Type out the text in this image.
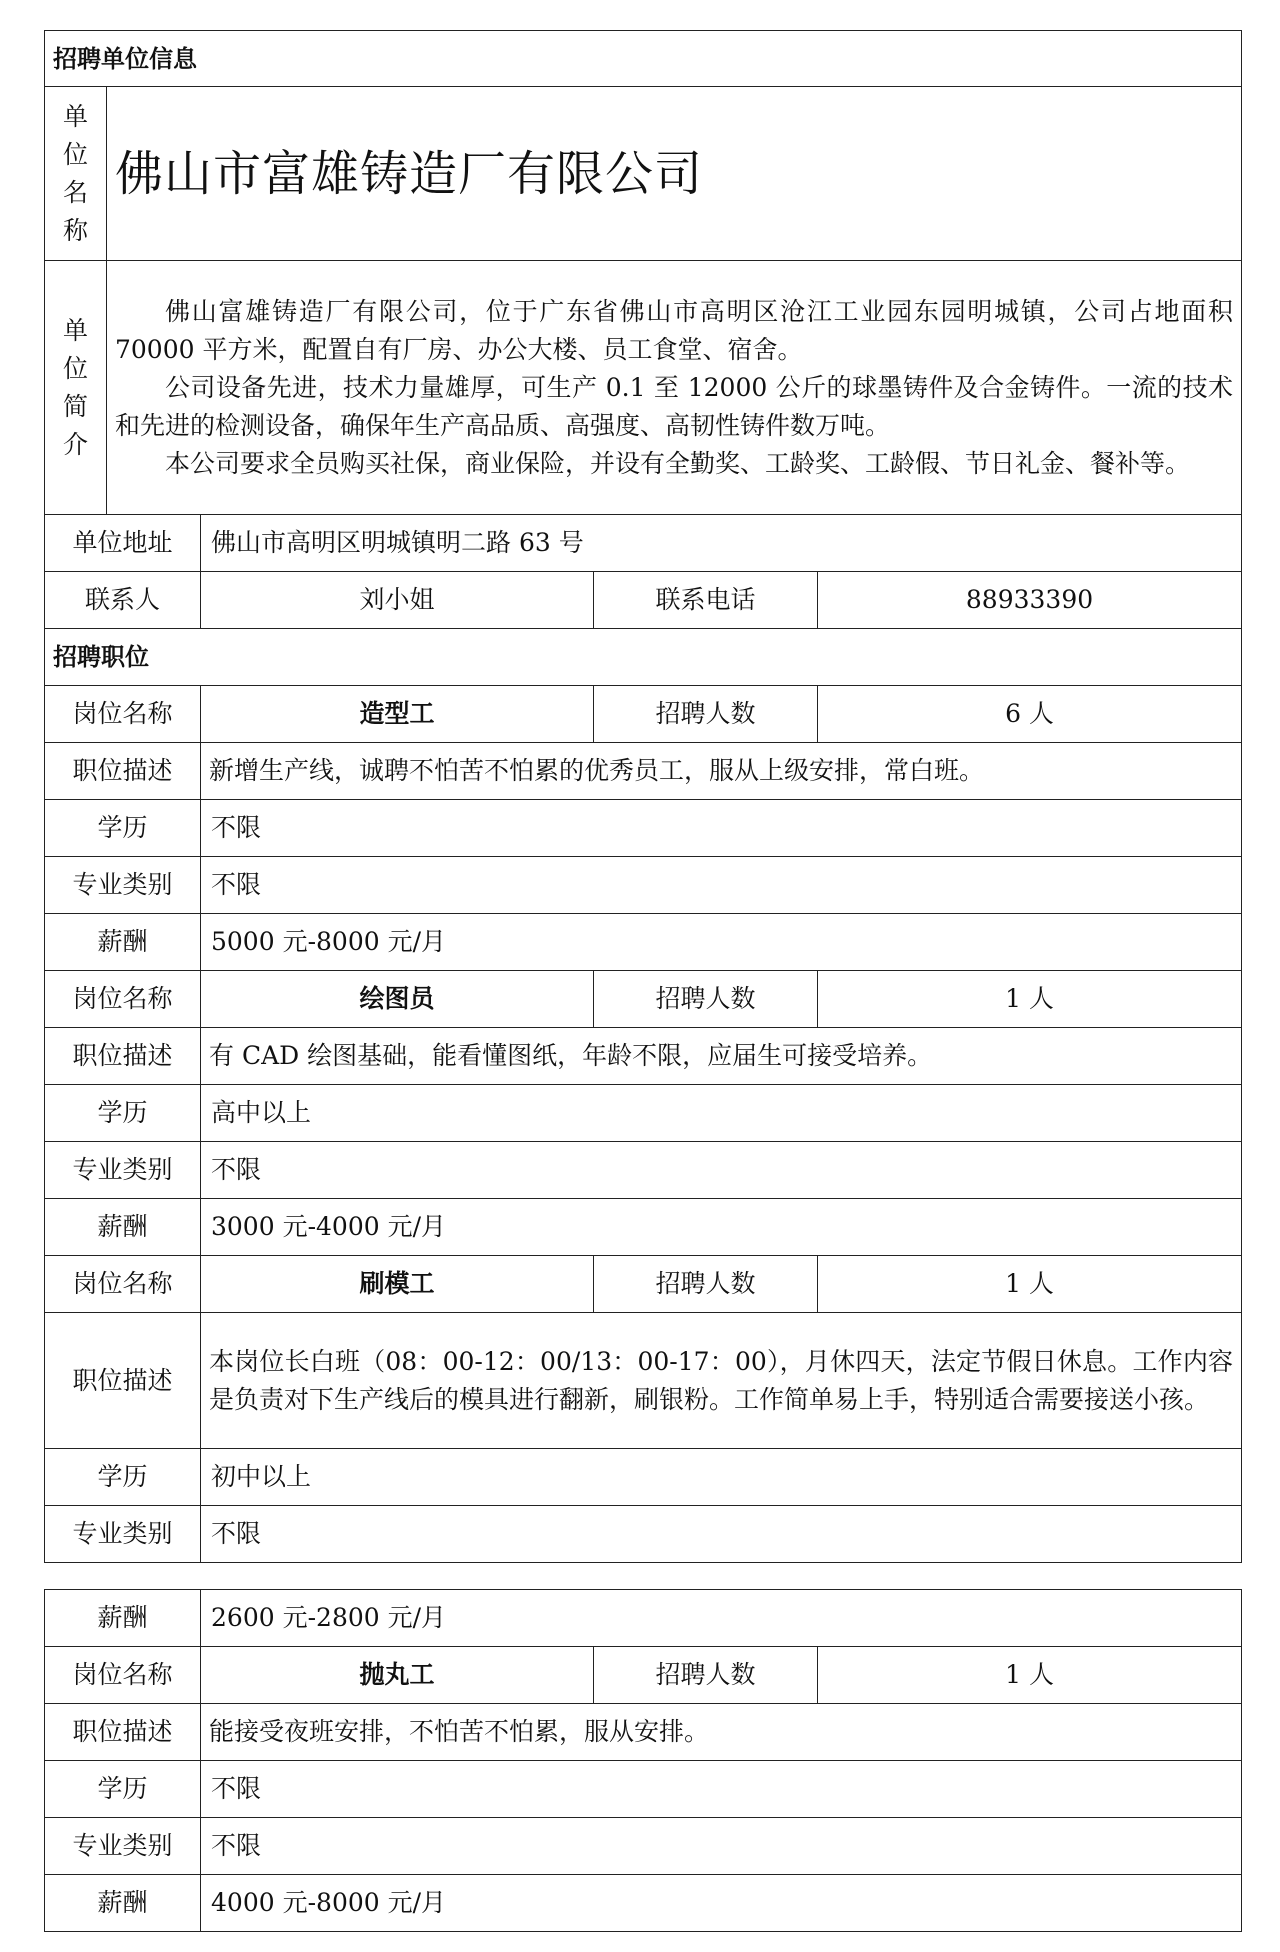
招聘单位信息				

单位名称	佛山市富雄铸造厂有限公司			

单位简介	佛山富雄铸造厂有限公司，位于广东省佛山市高明区沧江工业园东园明城镇，公司占地面积 70000 平方米，配置自有厂房、办公大楼、员工食堂、宿舍。

公司设备先进，技术力量雄厚，可生产 0.1 至 12000 公斤的球墨铸件及合金铸件。一流的技术和先进的检测设备，确保年生产高品质、高强度、高韧性铸件数万吨。

本公司要求全员购买社保，商业保险，并设有全勤奖、工龄奖、工龄假、节日礼金、餐补等。			

单位地址		佛山市高明区明城镇明二路 63 号		
联系人		刘小姐	联系电话	88933390
招聘职位				
岗位名称		造型工	招聘人数	6 人
职位描述		新增生产线，诚聘不怕苦不怕累的优秀员工，服从上级安排，常白班。		
学历		不限		
专业类别		不限		
薪酬		5000 元-8000 元/月		
岗位名称		绘图员	招聘人数	1 人
职位描述		有 CAD 绘图基础，能看懂图纸，年龄不限，应届生可接受培养。		
学历		高中以上		
专业类别		不限		
薪酬		3000 元-4000 元/月		
岗位名称		刷模工	招聘人数	1 人
职位描述		本岗位长白班（08：00-12：00/13：00-17：00），月休四天，法定节假日休息。工作内容是负责对下生产线后的模具进行翻新，刷银粉。工作简单易上手，特别适合需要接送小孩。		
学历		初中以上		
专业类别		不限		
薪酬	2600 元-2800 元/月		
岗位名称	抛丸工	招聘人数	1 人
职位描述	能接受夜班安排，不怕苦不怕累，服从安排。		
学历	不限		
专业类别	不限		
薪酬	4000 元-8000 元/月		
